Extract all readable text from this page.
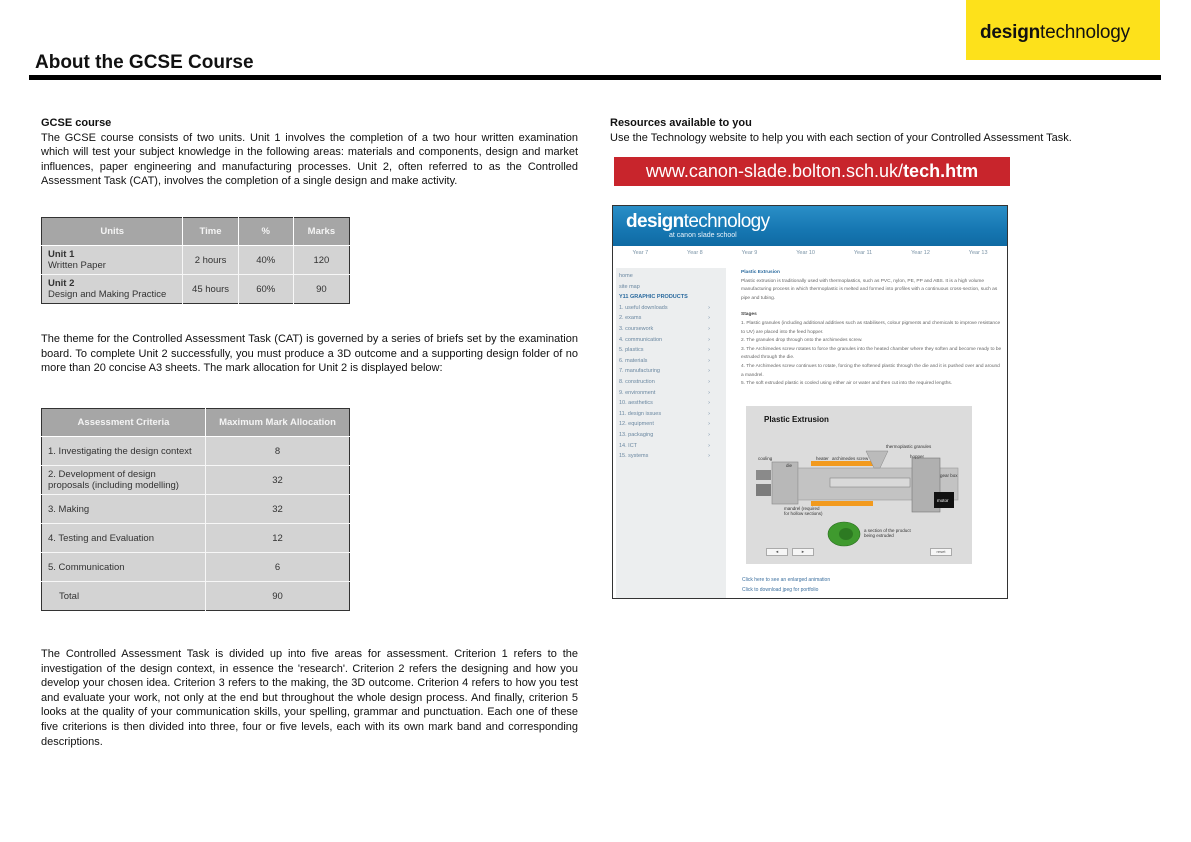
designtechnology
About the GCSE Course
GCSE course

The GCSE course consists of two units. Unit 1 involves the completion of a two hour written examination which will test your subject knowledge in the following areas: materials and components, design and market influences, paper engineering and manufacturing processes. Unit 2, often referred to as the Controlled Assessment Task (CAT), involves the completion of a single design and make activity.

Units	Time	%	Marks
Unit 1
Written Paper	2 hours	40%	120
Unit 2
Design and Making Practice	45 hours	60%	90

The theme for the Controlled Assessment Task (CAT) is governed by a series of briefs set by the examination board. To complete Unit 2 successfully, you must produce a 3D outcome and a supporting design folder of no more than 20 concise A3 sheets. The mark allocation for Unit 2 is displayed below:

Assessment Criteria	Maximum Mark Allocation
1. Investigating the design context	8
2. Development of design proposals (including modelling)	32
3. Making	32
4. Testing and Evaluation	12
5. Communication	6
Total	90

The Controlled Assessment Task is divided up into five areas for assessment. Criterion 1 refers to the investigation of the design context, in essence the 'research'. Criterion 2 refers the designing and how you develop your chosen idea. Criterion 3 refers to the making, the 3D outcome. Criterion 4 refers to how you test and evaluate your work, not only at the end but throughout the whole design process. And finally, criterion 5 looks at the quality of your communication skills, your spelling, grammar and punctuation. Each one of these five criterions is then divided into three, four or five levels, each with its own mark band and corresponding descriptions.

Resources available to you

Use the Technology website to help you with each section of your Controlled Assessment Task.

www.canon-slade.bolton.sch.uk/tech.htm
designtechnology
at canon slade school
Year 7	Year 8	Year 9	Year 10	Year 11	Year 12	Year 13
home
site map
Y11 GRAPHIC PRODUCTS
1. useful downloads	›
2. exams	›
3. coursework	›
4. communication	›
5. plastics	›
6. materials	›
7. manufacturing	›
8. construction	›
9. environment	›
10. aesthetics	›
11. design issues	›
12. equipment	›
13. packaging	›
14. ICT	›
15. systems	›
Plastic Extrusion
Plastic extrusion is traditionally used with thermoplastics, such as PVC, nylon, PE, PP and ABS. It is a high volume manufacturing process in which thermoplastic is melted and formed into profiles with a continuous cross-section, such as pipe and tubing.
Stages
1. Plastic granules (including additional additives such as stabilisers, colour pigments and chemicals to improve resistance to UV) are placed into the feed hopper.
2. The granules drop through onto the archimedes screw.
3. The Archimedes screw rotates to force the granules into the heated chamber where they soften and become ready to be extruded through the die.
4. The Archimedes screw continues to rotate, forcing the softened plastic through the die and it is pushed over and around a mandrel.
5. The soft extruded plastic is cooled using either air or water and then cut into the required lengths.
Plastic Extrusion
cooling
die
heater archimedes screw
thermoplastic granules
hopper
gear box
motor
mandrel (required for hollow sections)
a section of the product being extruded
◄	►	reset
Click here to see an enlarged animation
Click to download jpeg for portfolio
